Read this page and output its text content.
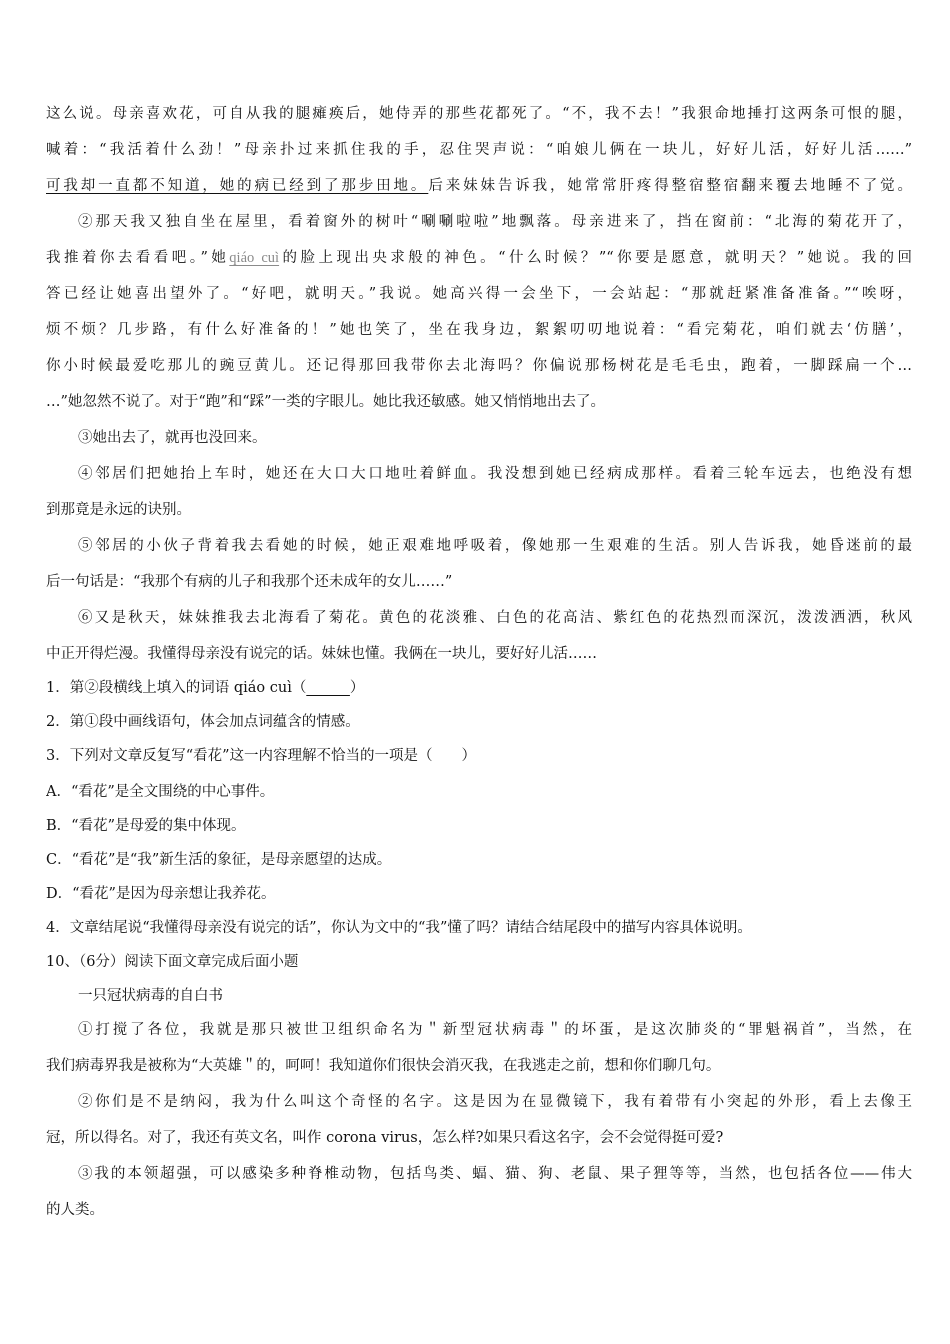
这么说。母亲喜欢花，可自从我的腿瘫痪后，她侍弄的那些花都死了。“不，我不去！”我狠命地捶打这两条可恨的腿，
喊着：“我活着什么劲！”母亲扑过来抓住我的手，忍住哭声说：“咱娘儿俩在一块儿，好好儿活，好好儿活……”
可我却一直都不知道，她的病已经到了那步田地。后来妹妹告诉我，她常常肝疼得整宿整宿翻来覆去地睡不了觉。
②那天我又独自坐在屋里，看着窗外的树叶“唰唰啦啦”地飘落。母亲进来了，挡在窗前：“北海的菊花开了，
我推着你去看看吧。”她qiáo cuì的脸上现出央求般的神色。“什么时候？”“你要是愿意，就明天？”她说。我的回
答已经让她喜出望外了。“好吧，就明天。”我说。她高兴得一会坐下，一会站起：“那就赶紧准备准备。”“唉呀，
烦不烦？几步路，有什么好准备的！”她也笑了，坐在我身边，絮絮叨叨地说着：“看完菊花，咱们就去‘仿膳’，
你小时候最爱吃那儿的豌豆黄儿。还记得那回我带你去北海吗？你偏说那杨树花是毛毛虫，跑着，一脚踩扁一个…
…”她忽然不说了。对于“跑”和“踩”一类的字眼儿。她比我还敏感。她又悄悄地出去了。
③她出去了，就再也没回来。
④邻居们把她抬上车时，她还在大口大口地吐着鲜血。我没想到她已经病成那样。看着三轮车远去，也绝没有想
到那竟是永远的诀别。
⑤邻居的小伙子背着我去看她的时候，她正艰难地呼吸着，像她那一生艰难的生活。别人告诉我，她昏迷前的最
后一句话是：“我那个有病的儿子和我那个还未成年的女儿……”
⑥又是秋天，妹妹推我去北海看了菊花。黄色的花淡雅、白色的花高洁、紫红色的花热烈而深沉，泼泼洒洒，秋风
中正开得烂漫。我懂得母亲没有说完的话。妹妹也懂。我俩在一块儿，要好好儿活……
1．第②段横线上填入的词语 qiáo cuì（______）
2．第①段中画线语句，体会加点词蕴含的情感。
3．下列对文章反复写“看花”这一内容理解不恰当的一项是（　　）
A．“看花”是全文围绕的中心事件。
B．“看花”是母爱的集中体现。
C．“看花”是“我”新生活的象征，是母亲愿望的达成。
D．“看花”是因为母亲想让我养花。
4．文章结尾说“我懂得母亲没有说完的话”，你认为文中的“我”懂了吗？请结合结尾段中的描写内容具体说明。
10、（6分）阅读下面文章完成后面小题
一只冠状病毒的自白书
①打搅了各位，我就是那只被世卫组织命名为＂新型冠状病毒＂的坏蛋，是这次肺炎的“罪魁祸首”，当然，在
我们病毒界我是被称为“大英雄＂的，呵呵！我知道你们很快会消灭我，在我逃走之前，想和你们聊几句。
②你们是不是纳闷，我为什么叫这个奇怪的名字。这是因为在显微镜下，我有着带有小突起的外形，看上去像王
冠，所以得名。对了，我还有英文名，叫作 corona virus，怎么样?如果只看这名字，会不会觉得挺可爱?
③我的本领超强，可以感染多种脊椎动物，包括鸟类、蝠、猫、狗、老鼠、果子狸等等，当然，也包括各位——伟大
的人类。
